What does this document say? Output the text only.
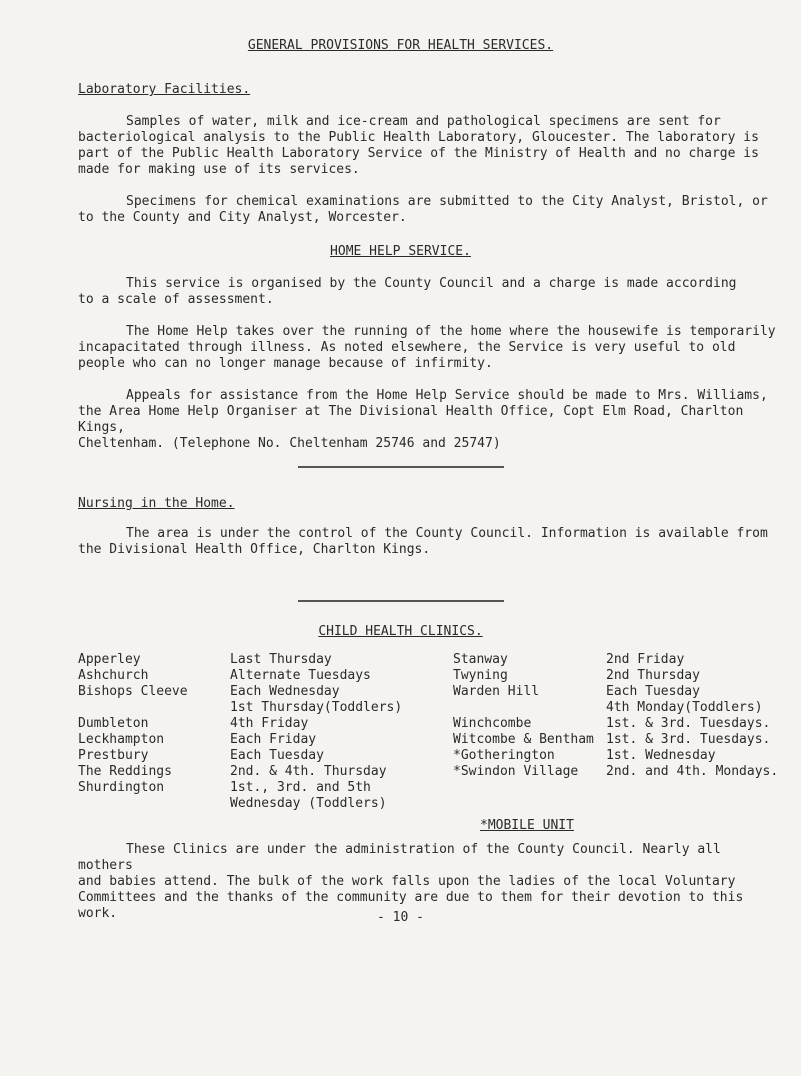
GENERAL PROVISIONS FOR HEALTH SERVICES.
Laboratory Facilities.

Samples of water, milk and ice-cream and pathological specimens are sent for
bacteriological analysis to the Public Health Laboratory, Gloucester. The laboratory is
part of the Public Health Laboratory Service of the Ministry of Health and no charge is
made for making use of its services.

Specimens for chemical examinations are submitted to the City Analyst, Bristol, or
to the County and City Analyst, Worcester.

HOME HELP SERVICE.

This service is organised by the County Council and a charge is made according
to a scale of assessment.

The Home Help takes over the running of the home where the housewife is temporarily
incapacitated through illness. As noted elsewhere, the Service is very useful to old
people who can no longer manage because of infirmity.

Appeals for assistance from the Home Help Service should be made to Mrs. Williams,
the Area Home Help Organiser at The Divisional Health Office, Copt Elm Road, Charlton Kings,
Cheltenham. (Telephone No. Cheltenham 25746 and 25747)

Nursing in the Home.

The area is under the control of the County Council. Information is available from
the Divisional Health Office, Charlton Kings.

CHILD HEALTH CLINICS.
Apperley
Ashchurch
Bishops Cleeve
Dumbleton
Leckhampton
Prestbury
The Reddings
Shurdington
Last Thursday
Alternate Tuesdays
Each Wednesday
1st Thursday(Toddlers)
4th Friday
Each Friday
Each Tuesday
2nd. & 4th. Thursday
1st., 3rd. and 5th
Wednesday (Toddlers)
Stanway
Twyning
Warden Hill
Winchcombe
Witcombe & Bentham
*Gotherington
*Swindon Village
2nd Friday
2nd Thursday
Each Tuesday
4th Monday(Toddlers)
1st. & 3rd. Tuesdays.
1st. & 3rd. Tuesdays.
1st. Wednesday
2nd. and 4th. Mondays.
*MOBILE UNIT

These Clinics are under the administration of the County Council. Nearly all mothers
and babies attend. The bulk of the work falls upon the ladies of the local Voluntary
Committees and the thanks of the community are due to them for their devotion to this work.	- 10 -
